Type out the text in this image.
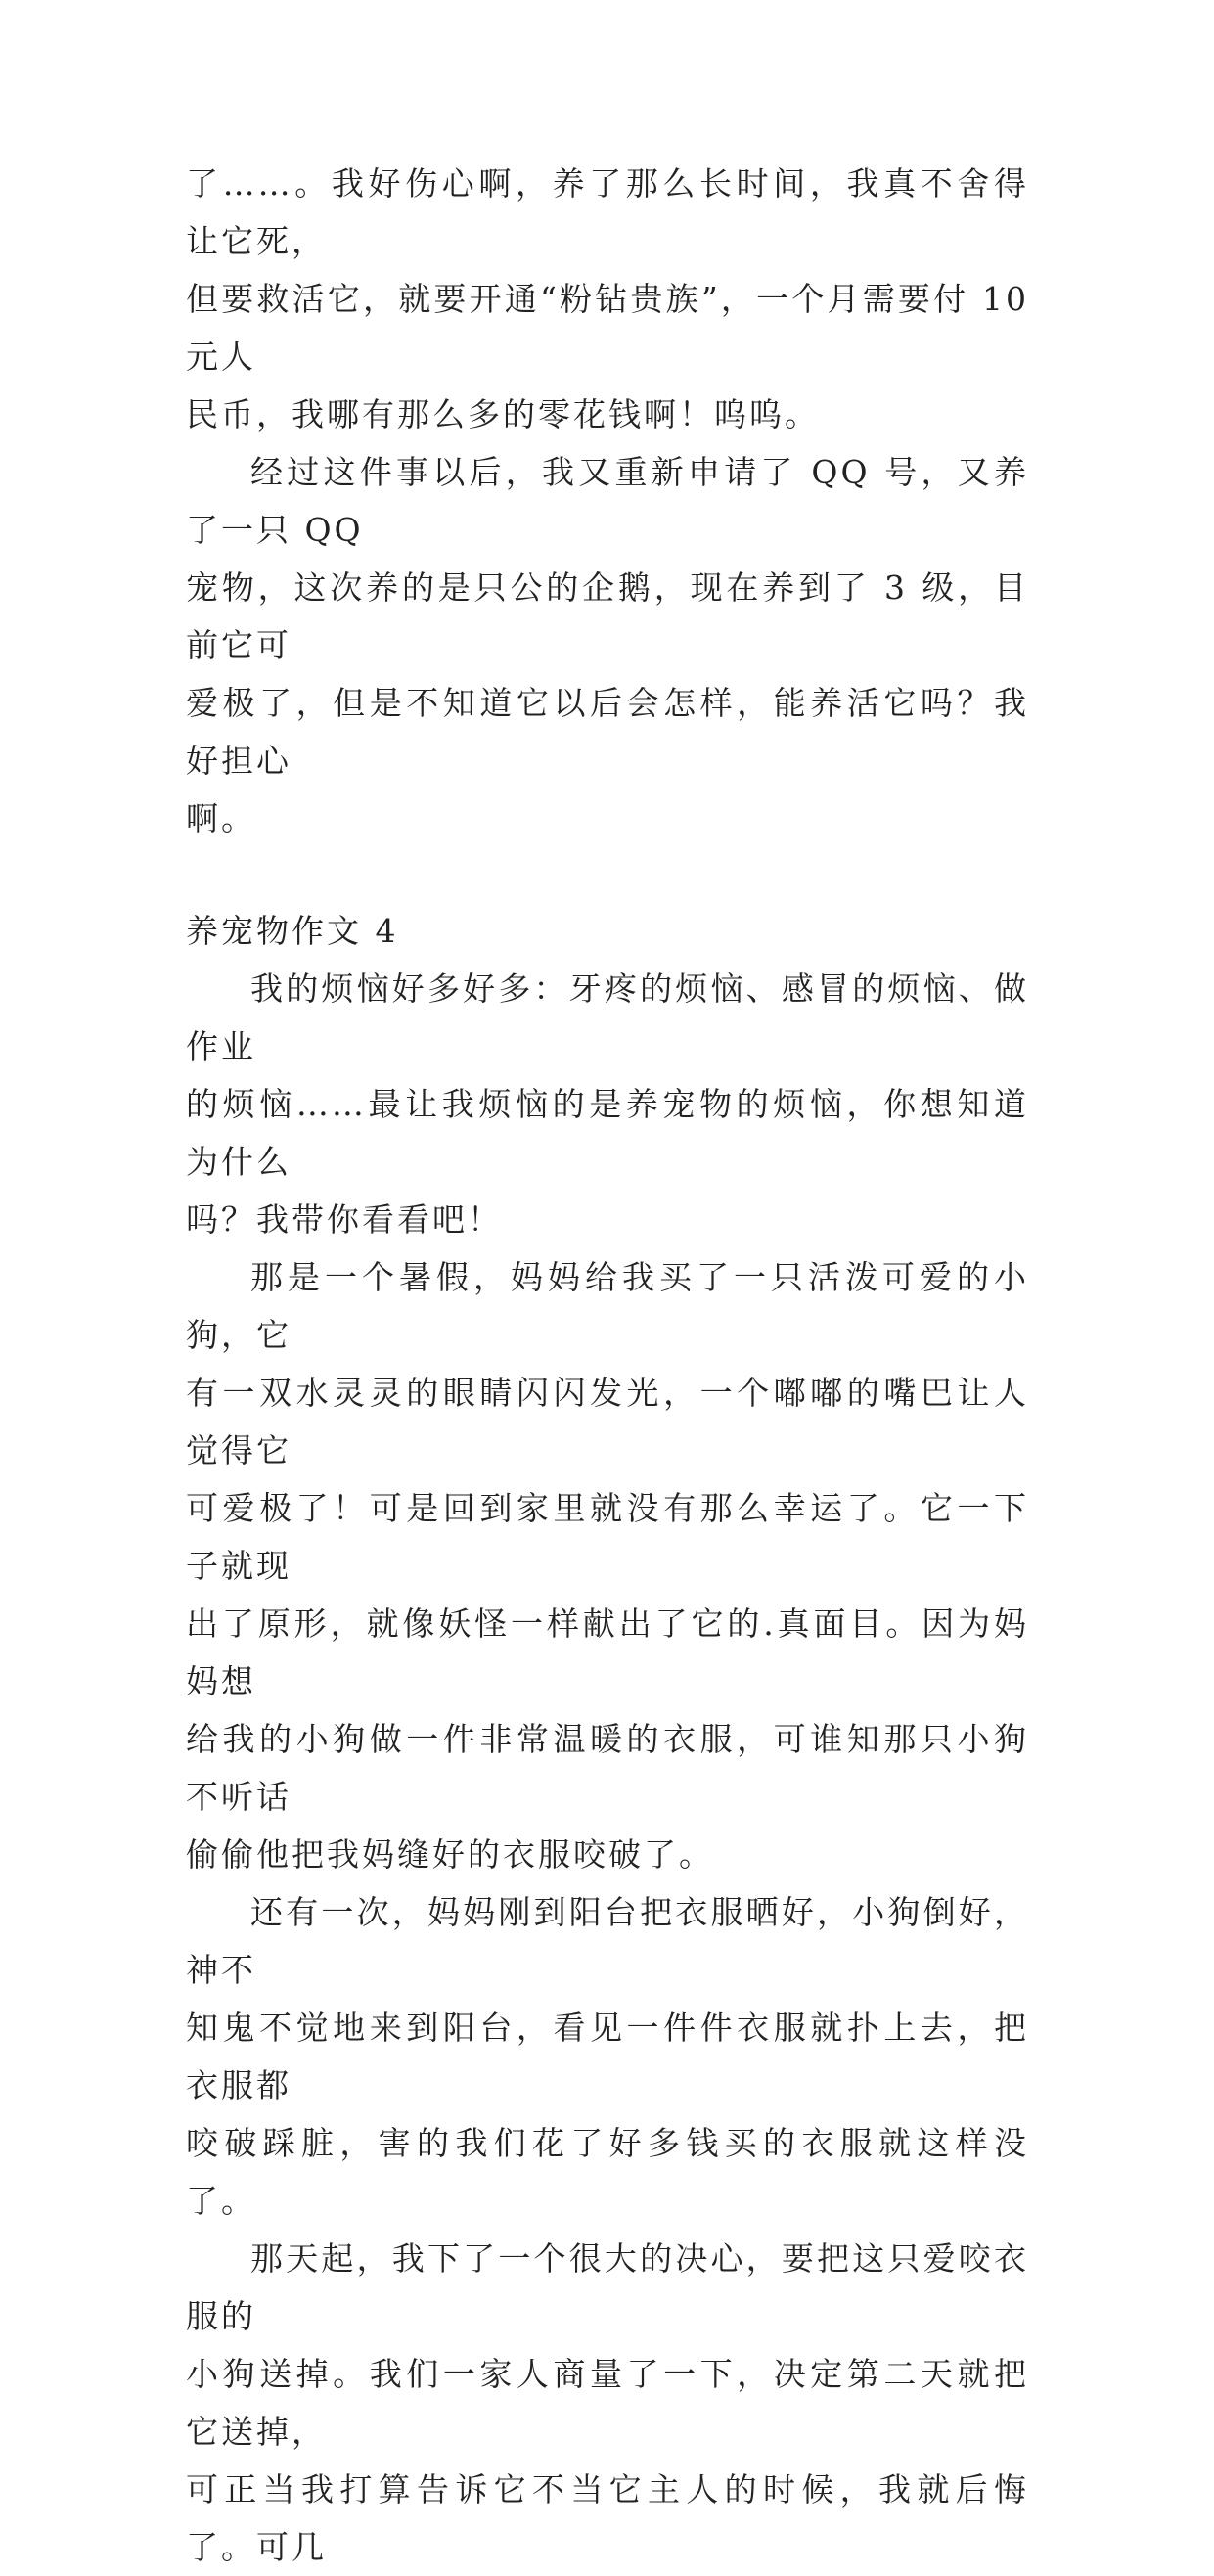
了……。我好伤心啊，养了那么长时间，我真不舍得让它死，
但要救活它，就要开通“粉钻贵族”，一个月需要付 10 元人
民币，我哪有那么多的零花钱啊！呜呜。

经过这件事以后，我又重新申请了 QQ 号，又养了一只 QQ
宠物，这次养的是只公的企鹅，现在养到了 3 级，目前它可
爱极了，但是不知道它以后会怎样，能养活它吗？我好担心
啊。

养宠物作文 4

我的烦恼好多好多：牙疼的烦恼、感冒的烦恼、做作业
的烦恼……最让我烦恼的是养宠物的烦恼，你想知道为什么
吗？我带你看看吧！

那是一个暑假，妈妈给我买了一只活泼可爱的小狗，它
有一双水灵灵的眼睛闪闪发光，一个嘟嘟的嘴巴让人觉得它
可爱极了！可是回到家里就没有那么幸运了。它一下子就现
出了原形，就像妖怪一样献出了它的.真面目。因为妈妈想
给我的小狗做一件非常温暖的衣服，可谁知那只小狗不听话
偷偷他把我妈缝好的衣服咬破了。

还有一次，妈妈刚到阳台把衣服晒好，小狗倒好，神不
知鬼不觉地来到阳台，看见一件件衣服就扑上去，把衣服都
咬破踩脏，害的我们花了好多钱买的衣服就这样没了。

那天起，我下了一个很大的决心，要把这只爱咬衣服的
小狗送掉。我们一家人商量了一下，决定第二天就把它送掉，
可正当我打算告诉它不当它主人的时候，我就后悔了。可几
